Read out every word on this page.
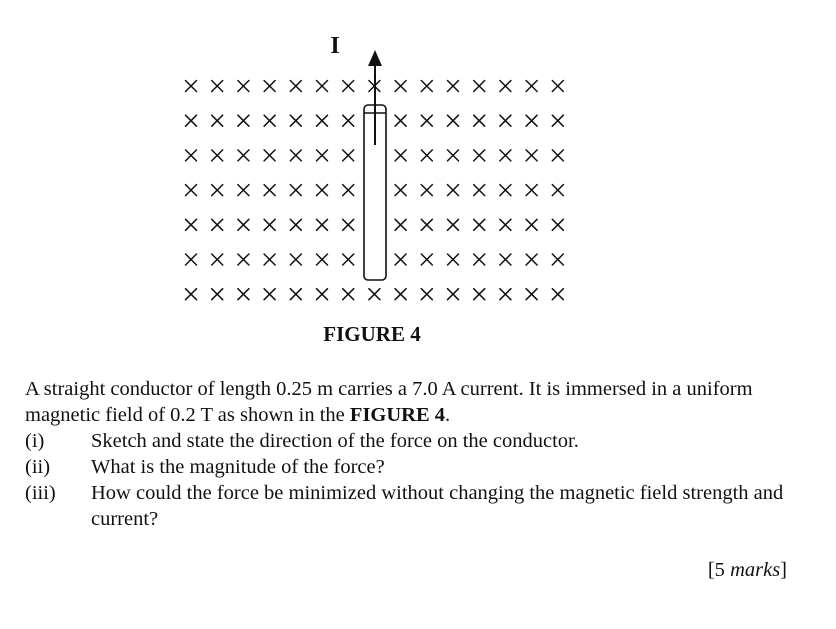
I
FIGURE 4

A straight conductor of length 0.25 m carries a 7.0 A current. It is immersed in a uniform magnetic field of 0.2 T as shown in the FIGURE 4.

(i)	Sketch and state the direction of the force on the conductor.
(ii)	What is the magnitude of the force?
(iii)	How could the force be minimized without changing the magnetic field strength and current?
[5 marks]
